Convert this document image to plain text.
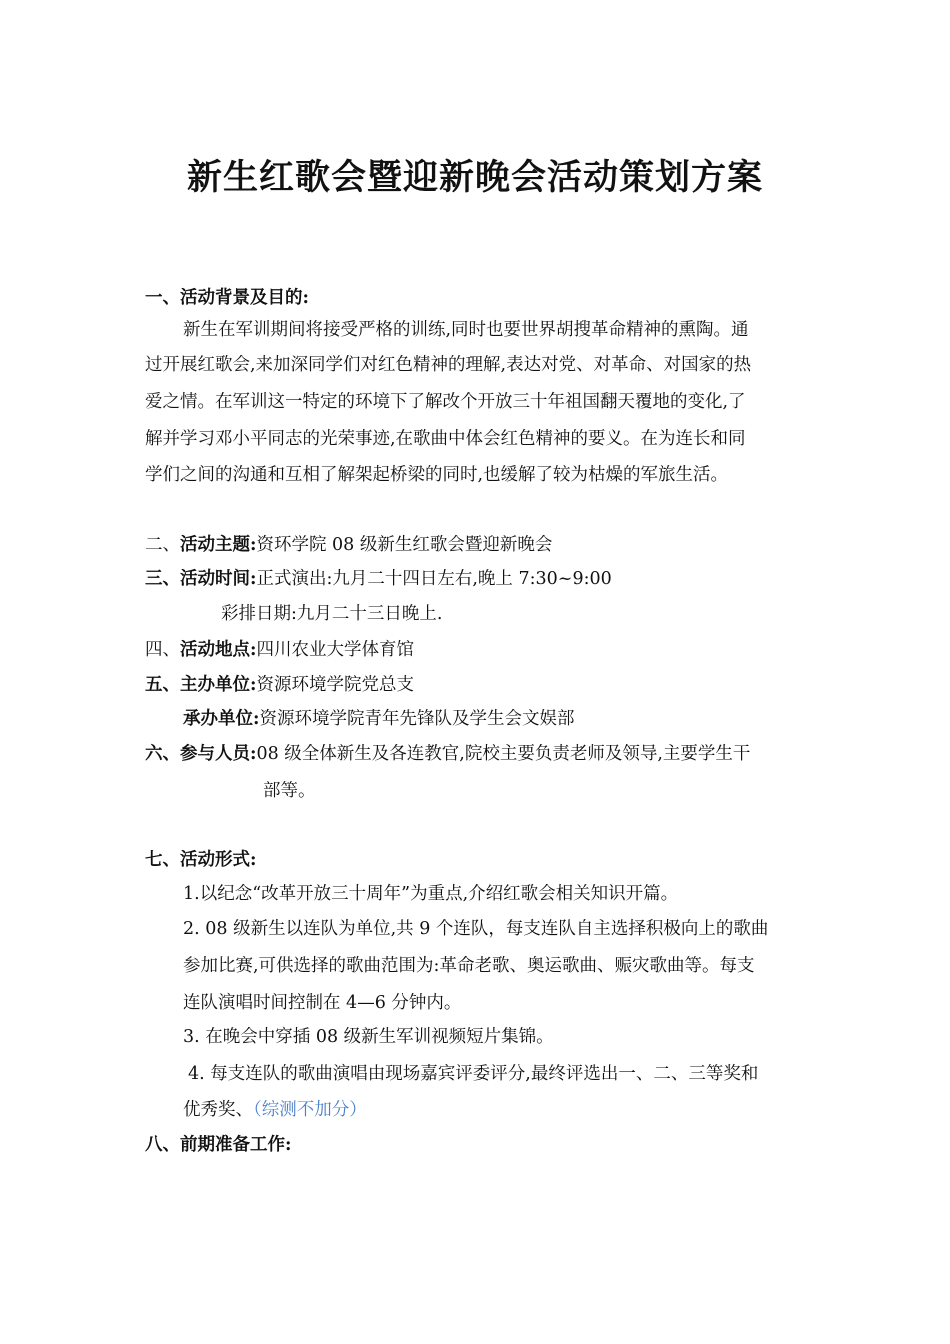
新生红歌会暨迎新晚会活动策划方案
一、活动背景及目的:
新生在军训期间将接受严格的训练,同时也要世界胡搜革命精神的熏陶。通
过开展红歌会,来加深同学们对红色精神的理解,表达对党、对革命、对国家的热
爱之情。在军训这一特定的环境下了解改个开放三十年祖国翻天覆地的变化,了
解并学习邓小平同志的光荣事迹,在歌曲中体会红色精神的要义。在为连长和同
学们之间的沟通和互相了解架起桥梁的同时,也缓解了较为枯燥的军旅生活。
二、活动主题:资环学院 08 级新生红歌会暨迎新晚会
三、活动时间:正式演出:九月二十四日左右,晚上 7:30~9:00
彩排日期:九月二十三日晚上.
四、活动地点:四川农业大学体育馆
五、主办单位:资源环境学院党总支
承办单位:资源环境学院青年先锋队及学生会文娱部
六、参与人员:08 级全体新生及各连教官,院校主要负责老师及领导,主要学生干
部等。
七、活动形式:
1.以纪念“改革开放三十周年”为重点,介绍红歌会相关知识开篇。
2. 08 级新生以连队为单位,共 9 个连队，每支连队自主选择积极向上的歌曲
参加比赛,可供选择的歌曲范围为:革命老歌、奥运歌曲、赈灾歌曲等。每支
连队演唱时间控制在 4—6 分钟内。
3. 在晚会中穿插 08 级新生军训视频短片集锦。
4. 每支连队的歌曲演唱由现场嘉宾评委评分,最终评选出一、二、三等奖和
优秀奖、（综测不加分）
八、前期准备工作:
